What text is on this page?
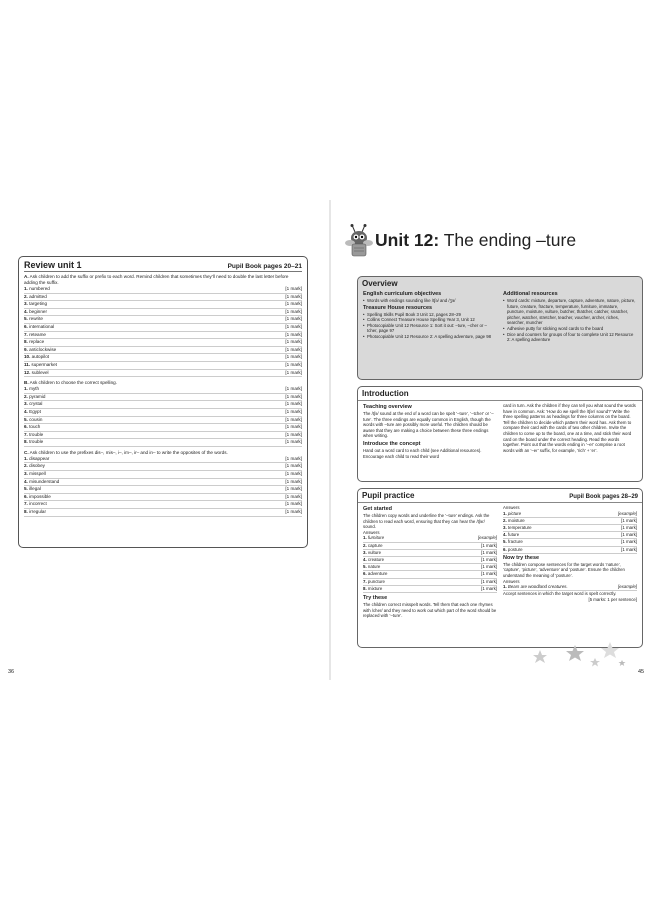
Review unit 1	Pupil Book pages 20–21
A. Ask children to add the suffix or prefix to each word. Remind children that sometimes they’ll need to double the last letter before adding the suffix.
1. numbered	[1 mark]
2. admitted	[1 mark]
3. targeting	[1 mark]
4. beginner	[1 mark]
5. rewrite	[1 mark]
6. international	[1 mark]
7. reteame	[1 mark]
8. replace	[1 mark]
9. anticlockwise	[1 mark]
10. autopilot	[1 mark]
11. supermarket	[1 mark]
12. sublevel	[1 mark]
B. Ask children to choose the correct spelling.
1. myth	[1 mark]
2. pyramid	[1 mark]
3. crystal	[1 mark]
4. Egypt	[1 mark]
5. cousin	[1 mark]
6. touch	[1 mark]
7. trouble	[1 mark]
8. trouble	[1 mark]
C. Ask children to use the prefixes dis–, mis–, i–, im–, ir– and in– to write the opposites of the words.
1. disappear	[1 mark]
2. disobey	[1 mark]
3. misspell	[1 mark]
4. misunderstand	[1 mark]
5. illegal	[1 mark]
6. impossible	[1 mark]
7. incorrect	[1 mark]
8. irregular	[1 mark]
36
Unit 12: The ending –ture
Overview
English curriculum objectives
• Words with endings sounding like /tʃə/ and /ʒə/
Treasure House resources
• Spelling Skills Pupil Book 3 Unit 12, pages 28–29
• Collins Connect Treasure House Spelling Year 3, Unit 12
• Photocopiable Unit 12 Resource 1: Sort it out: –ture, –cher or –tcher, page 97
• Photocopiable Unit 12 Resource 2: A spelling adventure, page 98
Additional resources
• Word cards: mixture, departure, capture, adventure, nature, picture, future, creature, fracture, temperature, furniture, immature, puncture, moisture, vulture, butcher, thatcher, catcher, snatcher, pitcher, watcher, stretcher, teacher, voucher, archer, riches, searcher, muncher
• Adhesive putty for sticking word cards to the board
• Dice and counters for groups of four to complete Unit 12 Resource 2: A spelling adventure
Introduction
Teaching overview
The /tʃə/ sound at the end of a word can be spelt ‘–ture’, ‘–tcher’ or ‘–ture’. The three endings are equally common in English, though the words with –ture are possibly more useful. The children should be aware that they are making a choice between these three endings when writing.
Introduce the concept
Hand out a word card to each child (see Additional resources). Encourage each child to read their word
card in turn. Ask the children if they can tell you what sound the words have in common. Ask: ‘How do we spell the /tʃər/ sound?’ Write the three spelling patterns as headings for three columns on the board. Tell the children to decide which pattern their word has. Ask them to compare their card with the cards of two other children. Invite the children to come up to the board, one at a time, and stick their word card on the board under the correct heading. Read the words together. Point out that the words ending in ‘–er’ comprise a root words with an ‘–er’ suffix, for example, ‘rich’ + ‘er’.
Pupil practice	Pupil Book pages 28–29
Get started
The children copy words and underline the ‘–ture’ endings. Ask the children to read each word, ensuring that they can hear the /tʃər/ sound.
Answers
1. furniture	[example]
2. capture	[1 mark]
3. vulture	[1 mark]
4. creature	[1 mark]
5. nature	[1 mark]
6. adventure	[1 mark]
7. puncture	[1 mark]
8. mixture	[1 mark]
Try these
The children correct misspelt words. Tell them that each one rhymes with /cher/ and they need to work out which part of the word should be replaced with ‘–ture’.
Answers
1. picture	[example]
2. moisture	[1 mark]
3. temperature	[1 mark]
4. future	[1 mark]
5. fracture	[1 mark]
6. posture	[1 mark]
Now try these
The children compose sentences for the target words ‘nature’, ‘capture’, ‘picture’, ‘adventure’ and ‘posture’. Ensure the children understand the meaning of ‘posture’.
Answers
1. Bears are woodland creatures.	[example]
Accept sentences in which the target word is spelt correctly.
[5 marks: 1 per sentence]
45
